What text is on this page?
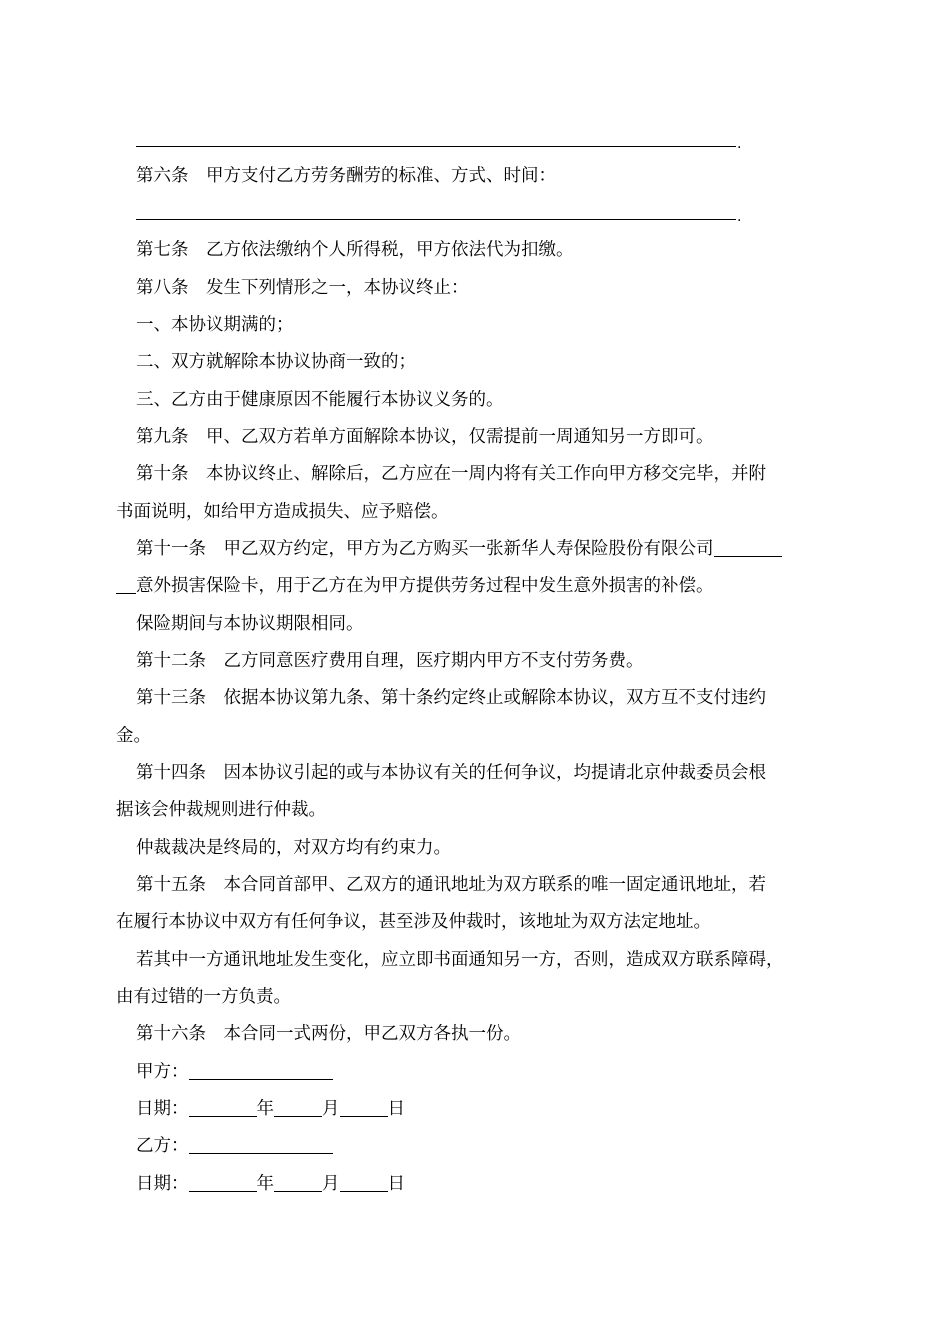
.
第六条　甲方支付乙方劳务酬劳的标准、方式、时间：
.
第七条　乙方依法缴纳个人所得税，甲方依法代为扣缴。
第八条　发生下列情形之一，本协议终止：
一、本协议期满的；
二、双方就解除本协议协商一致的；
三、乙方由于健康原因不能履行本协议义务的。
第九条　甲、乙双方若单方面解除本协议，仅需提前一周通知另一方即可。
第十条　本协议终止、解除后，乙方应在一周内将有关工作向甲方移交完毕，并附
书面说明，如给甲方造成损失、应予赔偿。
第十一条　甲乙双方约定，甲方为乙方购买一张新华人寿保险股份有限公司
意外损害保险卡，用于乙方在为甲方提供劳务过程中发生意外损害的补偿。
保险期间与本协议期限相同。
第十二条　乙方同意医疗费用自理，医疗期内甲方不支付劳务费。
第十三条　依据本协议第九条、第十条约定终止或解除本协议，双方互不支付违约
金。
第十四条　因本协议引起的或与本协议有关的任何争议，均提请北京仲裁委员会根
据该会仲裁规则进行仲裁。
仲裁裁决是终局的，对双方均有约束力。
第十五条　本合同首部甲、乙双方的通讯地址为双方联系的唯一固定通讯地址，若
在履行本协议中双方有任何争议，甚至涉及仲裁时，该地址为双方法定地址。
若其中一方通讯地址发生变化，应立即书面通知另一方，否则，造成双方联系障碍，
由有过错的一方负责。
第十六条　本合同一式两份，甲乙双方各执一份。
甲方：
日期：	年	月	日
乙方：
日期：	年	月	日
